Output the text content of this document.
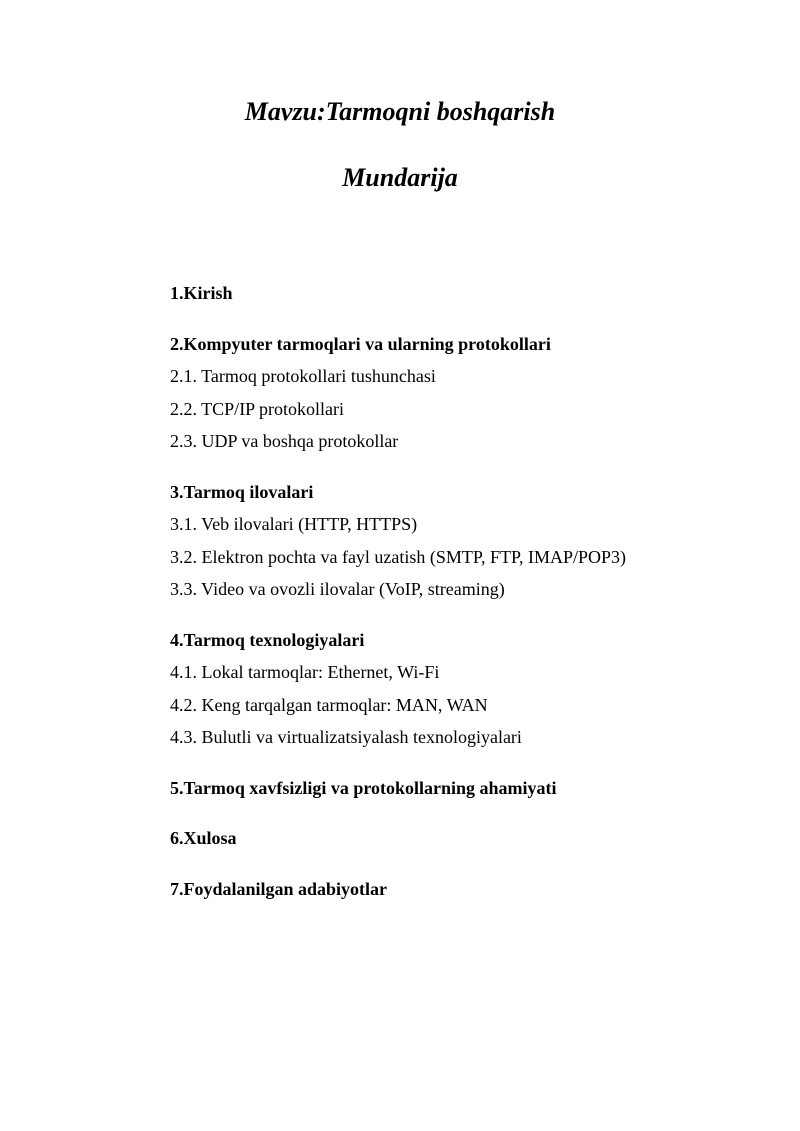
Mavzu:Tarmoqni boshqarish
Mundarija
1.Kirish
2.Kompyuter tarmoqlari va ularning protokollari
2.1. Tarmoq protokollari tushunchasi
2.2. TCP/IP protokollari
2.3. UDP va boshqa protokollar
3.Tarmoq ilovalari
3.1. Veb ilovalari (HTTP, HTTPS)
3.2. Elektron pochta va fayl uzatish (SMTP, FTP, IMAP/POP3)
3.3. Video va ovozli ilovalar (VoIP, streaming)
4.Tarmoq texnologiyalari
4.1. Lokal tarmoqlar: Ethernet, Wi-Fi
4.2. Keng tarqalgan tarmoqlar: MAN, WAN
4.3. Bulutli va virtualizatsiyalash texnologiyalari
5.Tarmoq xavfsizligi va protokollarning ahamiyati
6.Xulosa
7.Foydalanilgan adabiyotlar
